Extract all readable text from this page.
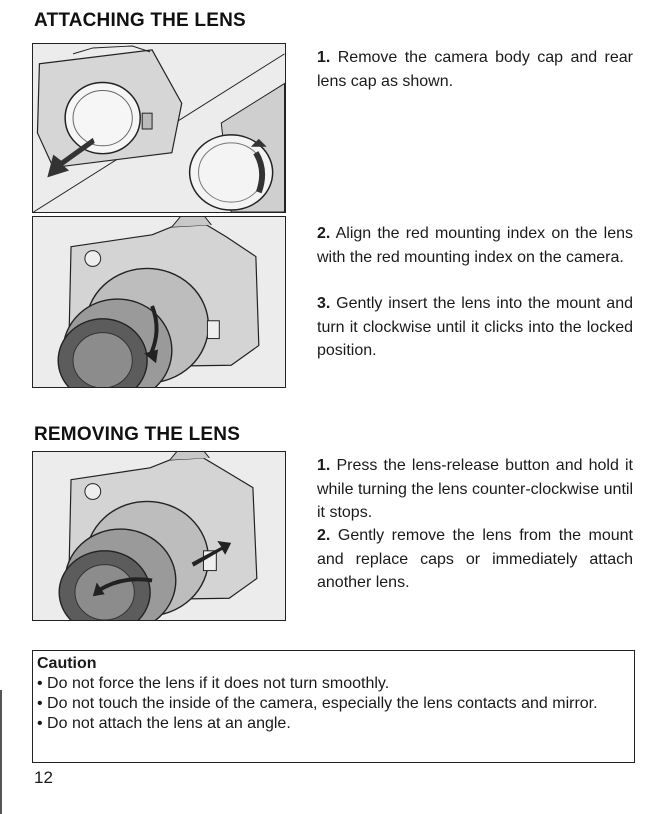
ATTACHING THE LENS

1. Remove the camera body cap and rear lens cap as shown.

2. Align the red mounting index on the lens with the red mounting index on the camera.

3. Gently insert the lens into the mount and turn it clockwise until it clicks into the locked position.

REMOVING THE LENS

1. Press the lens-release button and hold it while turning the lens counter-clockwise until it stops.

2. Gently remove the lens from the mount and replace caps or immediately attach another lens.

Caution
• Do not force the lens if it does not turn smoothly.
• Do not touch the inside of the camera, especially the lens contacts and mirror.
• Do not attach the lens at an angle.
12
